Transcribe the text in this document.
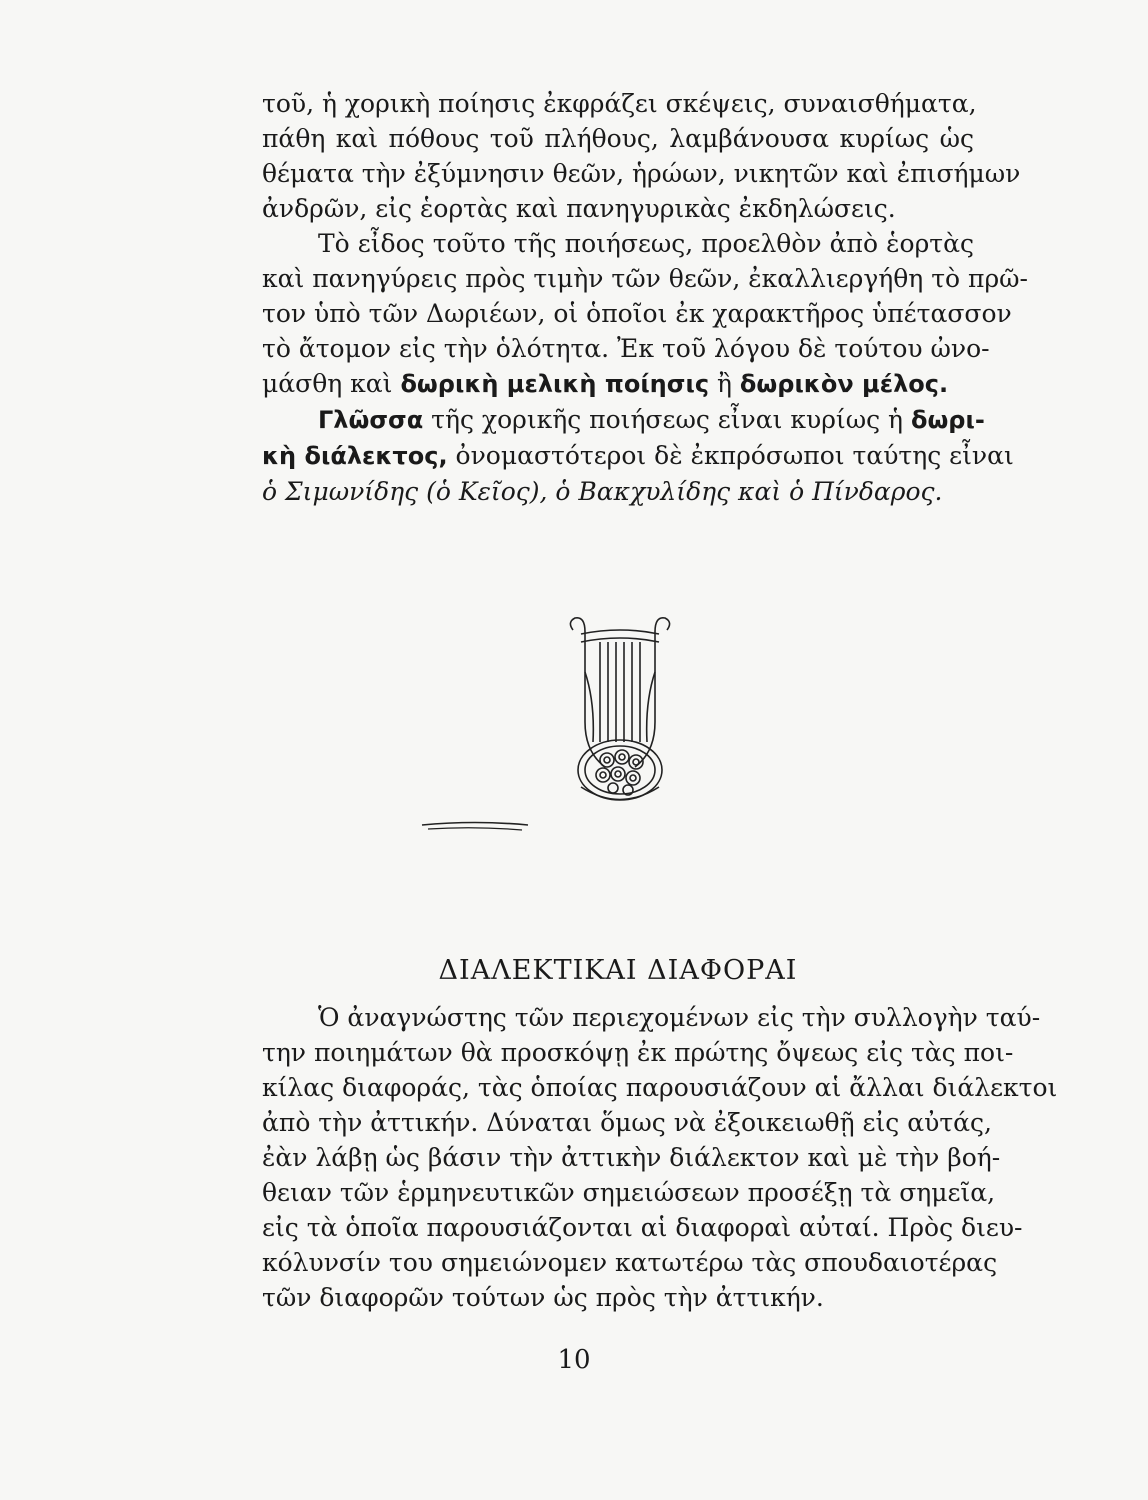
τοῦ, ἡ χορικὴ ποίησις ἐκφράζει σκέψεις, συναισθήματα,
πάθη καὶ πόθους τοῦ πλήθους, λαμβάνουσα κυρίως ὡς
θέματα τὴν ἐξύμνησιν θεῶν, ἡρώων, νικητῶν καὶ ἐπισήμων
ἀνδρῶν, εἰς ἑορτὰς καὶ πανηγυρικὰς ἐκδηλώσεις.
Τὸ εἶδος τοῦτο τῆς ποιήσεως, προελθὸν ἀπὸ ἑορτὰς
καὶ πανηγύρεις πρὸς τιμὴν τῶν θεῶν, ἐκαλλιεργήθη τὸ πρῶ-
τον ὑπὸ τῶν Δωριέων, οἱ ὁποῖοι ἐκ χαρακτῆρος ὑπέτασσον
τὸ ἄτομον εἰς τὴν ὁλότητα. Ἐκ τοῦ λόγου δὲ τούτου ὠνο-
μάσθη καὶ δωρικὴ μελικὴ ποίησις ἢ δωρικὸν μέλος.
Γλῶσσα τῆς χορικῆς ποιήσεως εἶναι κυρίως ἡ δωρι-
κὴ διάλεκτος, ὀνομαστότεροι δὲ ἐκπρόσωποι ταύτης εἶναι
ὁ Σιμωνίδης (ὁ Κεῖος), ὁ Βακχυλίδης καὶ ὁ Πίνδαρος.
ΔΙΑΛΕΚΤΙΚΑΙ ΔΙΑΦΟΡΑΙ
Ὁ ἀναγνώστης τῶν περιεχομένων εἰς τὴν συλλογὴν ταύ-
την ποιημάτων θὰ προσκόψῃ ἐκ πρώτης ὄψεως εἰς τὰς ποι-
κίλας διαφοράς, τὰς ὁποίας παρουσιάζουν αἱ ἄλλαι διάλεκτοι
ἀπὸ τὴν ἀττικήν. Δύναται ὅμως νὰ ἐξοικειωθῇ εἰς αὐτάς,
ἐὰν λάβῃ ὡς βάσιν τὴν ἀττικὴν διάλεκτον καὶ μὲ τὴν βοή-
θειαν τῶν ἑρμηνευτικῶν σημειώσεων προσέξῃ τὰ σημεῖα,
εἰς τὰ ὁποῖα παρουσιάζονται αἱ διαφοραὶ αὐταί. Πρὸς διευ-
κόλυνσίν του σημειώνομεν κατωτέρω τὰς σπουδαιοτέρας
τῶν διαφορῶν τούτων ὡς πρὸς τὴν ἀττικήν.
10
